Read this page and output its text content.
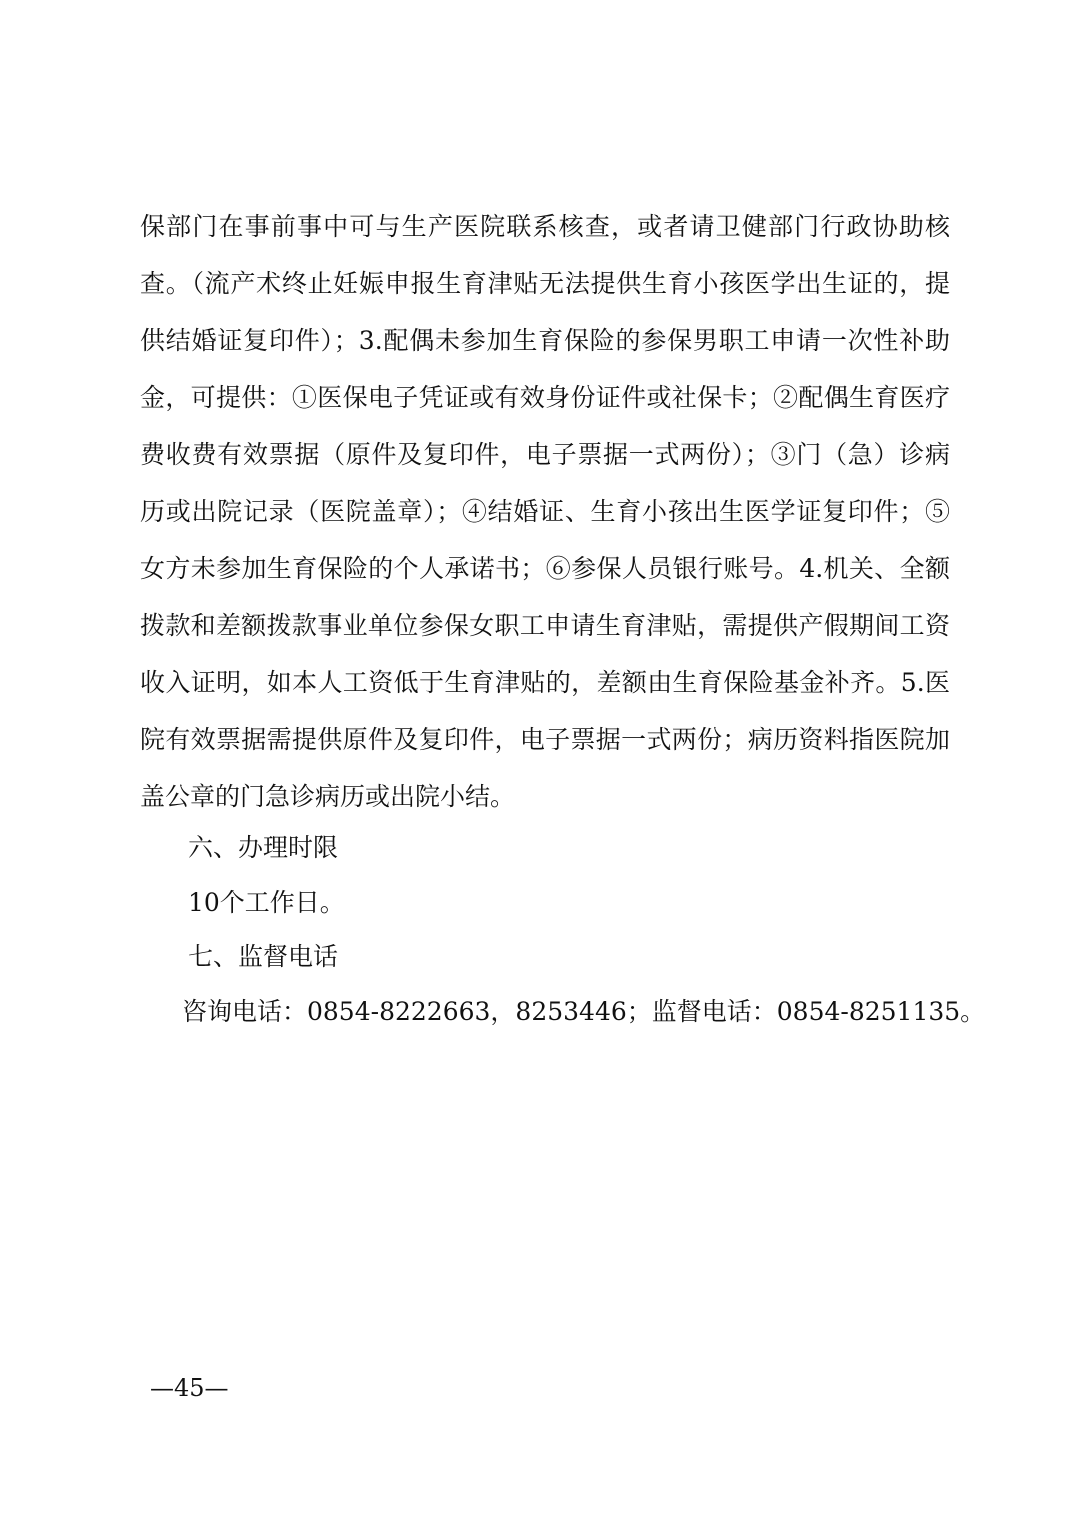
保部门在事前事中可与生产医院联系核查，或者请卫健部门行政协助核
查。（流产术终止妊娠申报生育津贴无法提供生育小孩医学出生证的，提
供结婚证复印件）；3.配偶未参加生育保险的参保男职工申请一次性补助
金，可提供：①医保电子凭证或有效身份证件或社保卡；②配偶生育医疗
费收费有效票据（原件及复印件，电子票据一式两份）；③门（急）诊病
历或出院记录（医院盖章）；④结婚证、生育小孩出生医学证复印件；⑤
女方未参加生育保险的个人承诺书；⑥参保人员银行账号。4.机关、全额
拨款和差额拨款事业单位参保女职工申请生育津贴，需提供产假期间工资
收入证明，如本人工资低于生育津贴的，差额由生育保险基金补齐。5.医
院有效票据需提供原件及复印件，电子票据一式两份；病历资料指医院加
盖公章的门急诊病历或出院小结。
六、办理时限
10个工作日。
七、监督电话
咨询电话：0854-8222663，8253446；监督电话：0854-8251135。
—45—
